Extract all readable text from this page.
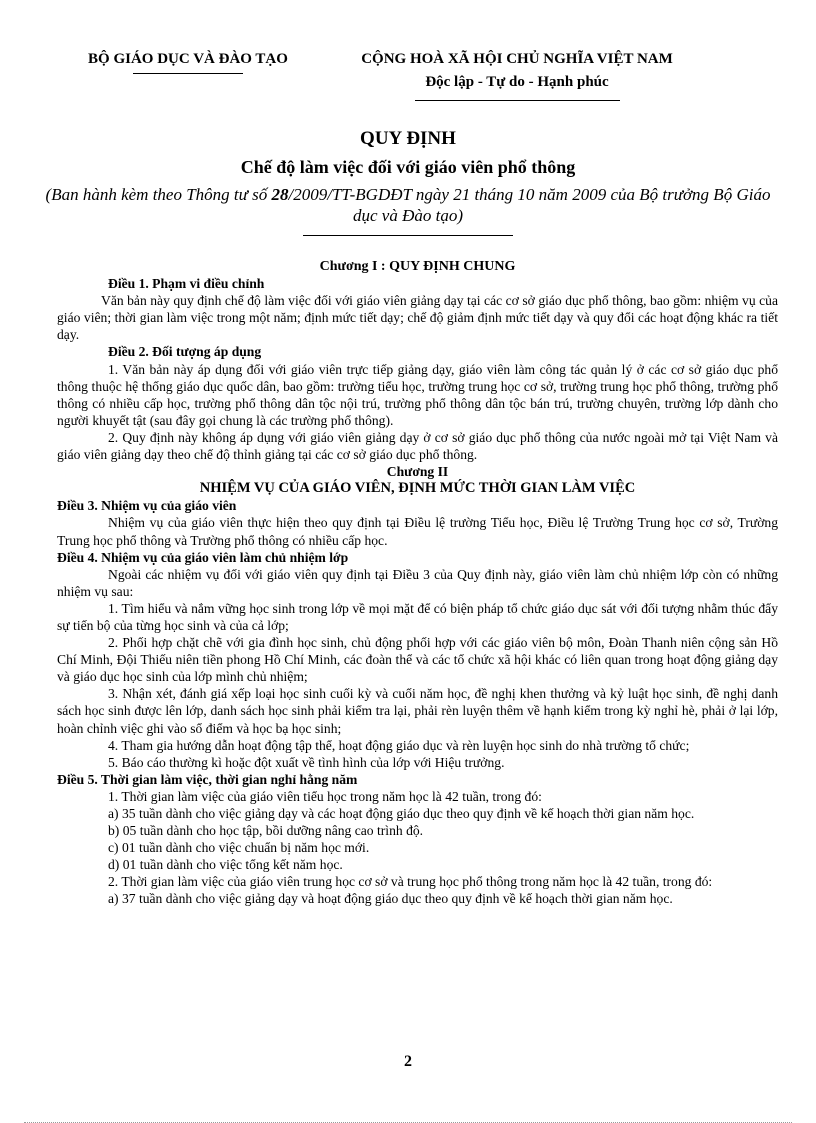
BỘ GIÁO DỤC VÀ ĐÀO TẠO	CỘNG HOÀ XÃ HỘI CHỦ NGHĨA VIỆT NAM
Độc lập - Tự do - Hạnh phúc
QUY ĐỊNH
Chế độ làm việc đối với giáo viên phổ thông
(Ban hành kèm theo Thông tư số 28/2009/TT-BGDĐT ngày 21 tháng 10 năm 2009 của Bộ trưởng Bộ Giáo dục và Đào tạo)

Chương I : QUY ĐỊNH CHUNG

Điều 1. Phạm vi điều chỉnh

Văn bản này quy định chế độ làm việc đối với giáo viên giảng dạy tại các cơ sở giáo dục phổ thông, bao gồm: nhiệm vụ của giáo viên; thời gian làm việc trong một năm; định mức tiết dạy; chế độ giảm định mức tiết dạy và quy đổi các hoạt động khác ra tiết dạy.

Điều 2. Đối tượng áp dụng

1. Văn bản này áp dụng đối với giáo viên trực tiếp giảng dạy, giáo viên làm công tác quản lý ở các cơ sở giáo dục phổ thông thuộc hệ thống giáo dục quốc dân, bao gồm: trường tiểu học, trường trung học cơ sở, trường trung học phổ thông, trường phổ thông có nhiều cấp học, trường phổ thông dân tộc nội trú, trường phổ thông dân tộc bán trú, trường chuyên, trường lớp dành cho người khuyết tật (sau đây gọi chung là các trường phổ thông).

2. Quy định này không áp dụng với giáo viên giảng dạy ở cơ sở giáo dục phổ thông của nước ngoài mở tại Việt Nam và giáo viên giảng dạy theo chế độ thỉnh giảng tại các cơ sở giáo dục phổ thông.

Chương II

NHIỆM VỤ CỦA GIÁO VIÊN, ĐỊNH MỨC THỜI GIAN LÀM VIỆC

Điều 3. Nhiệm vụ của giáo viên

Nhiệm vụ của giáo viên thực hiện theo quy định tại Điều lệ trường Tiểu học, Điều lệ Trường Trung học cơ sở, Trường Trung học phổ thông và Trường phổ thông có nhiều cấp học.

Điều 4. Nhiệm vụ của giáo viên làm chủ nhiệm lớp

Ngoài các nhiệm vụ đối với giáo viên quy định tại Điều 3 của Quy định này, giáo viên làm chủ nhiệm lớp còn có những nhiệm vụ sau:

1. Tìm hiểu và nắm vững học sinh trong lớp về mọi mặt để có biện pháp tổ chức giáo dục sát với đối tượng nhằm thúc đẩy sự tiến bộ của từng học sinh và của cả lớp;

2. Phối hợp chặt chẽ với gia đình học sinh, chủ động phối hợp với các giáo viên bộ môn, Đoàn Thanh niên cộng sản Hồ Chí Minh, Đội Thiếu niên tiền phong Hồ Chí Minh, các đoàn thể và các tổ chức xã hội khác có liên quan trong hoạt động giảng dạy và giáo dục học sinh của lớp mình chủ nhiệm;

3. Nhận xét, đánh giá xếp loại học sinh cuối kỳ và cuối năm học, đề nghị khen thưởng và kỷ luật học sinh, đề nghị danh sách học sinh được lên lớp, danh sách học sinh phải kiểm tra lại, phải rèn luyện thêm về hạnh kiểm trong kỳ nghỉ hè, phải ở lại lớp, hoàn chỉnh việc ghi vào sổ điểm và học bạ học sinh;

4. Tham gia hướng dẫn hoạt động tập thể, hoạt động giáo dục và rèn luyện học sinh do nhà trường tổ chức;

5. Báo cáo thường kì hoặc đột xuất về tình hình của lớp với Hiệu trưởng.

Điều 5. Thời gian làm việc, thời gian nghỉ hằng năm

1. Thời gian làm việc của giáo viên tiểu học trong năm học là 42 tuần, trong đó:

a) 35 tuần dành cho việc giảng dạy và các hoạt động giáo dục theo quy định về kế hoạch thời gian năm học.

b) 05 tuần dành cho học tập, bồi dưỡng nâng cao trình độ.

c) 01 tuần dành cho việc chuẩn bị năm học mới.

d) 01 tuần dành cho việc tổng kết năm học.

2. Thời gian làm việc của giáo viên trung học cơ sở và trung học phổ thông trong năm học là 42 tuần, trong đó:

a) 37 tuần dành cho việc giảng dạy và hoạt động giáo dục theo quy định về kế hoạch thời gian năm học.

2
